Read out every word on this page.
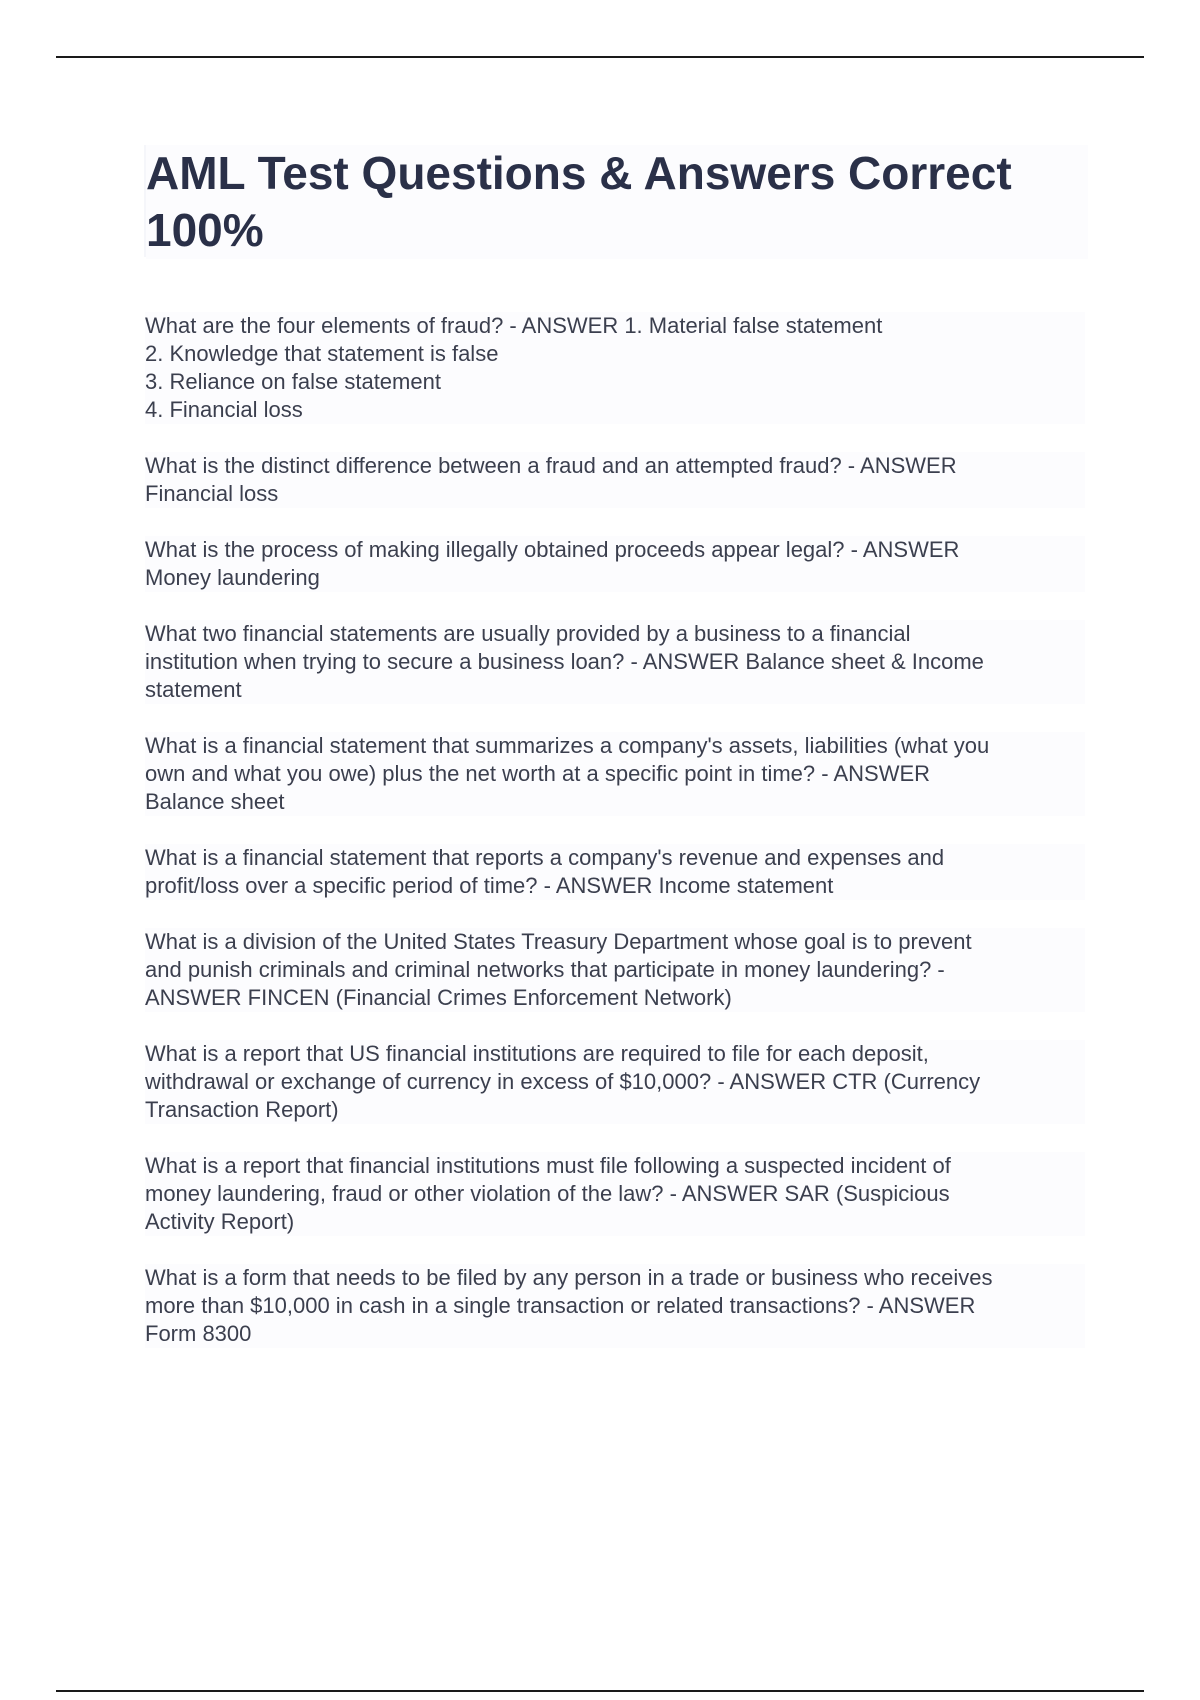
AML Test Questions & Answers Correct
100%
What are the four elements of fraud? - ANSWER 1. Material false statement
2. Knowledge that statement is false
3. Reliance on false statement
4. Financial loss
What is the distinct difference between a fraud and an attempted fraud? - ANSWER
Financial loss
What is the process of making illegally obtained proceeds appear legal? - ANSWER
Money laundering
What two financial statements are usually provided by a business to a financial
institution when trying to secure a business loan? - ANSWER Balance sheet & Income
statement
What is a financial statement that summarizes a company's assets, liabilities (what you
own and what you owe) plus the net worth at a specific point in time? - ANSWER
Balance sheet
What is a financial statement that reports a company's revenue and expenses and
profit/loss over a specific period of time? - ANSWER Income statement
What is a division of the United States Treasury Department whose goal is to prevent
and punish criminals and criminal networks that participate in money laundering? -
ANSWER FINCEN (Financial Crimes Enforcement Network)
What is a report that US financial institutions are required to file for each deposit,
withdrawal or exchange of currency in excess of $10,000? - ANSWER CTR (Currency
Transaction Report)
What is a report that financial institutions must file following a suspected incident of
money laundering, fraud or other violation of the law? - ANSWER SAR (Suspicious
Activity Report)
What is a form that needs to be filed by any person in a trade or business who receives
more than $10,000 in cash in a single transaction or related transactions? - ANSWER
Form 8300
